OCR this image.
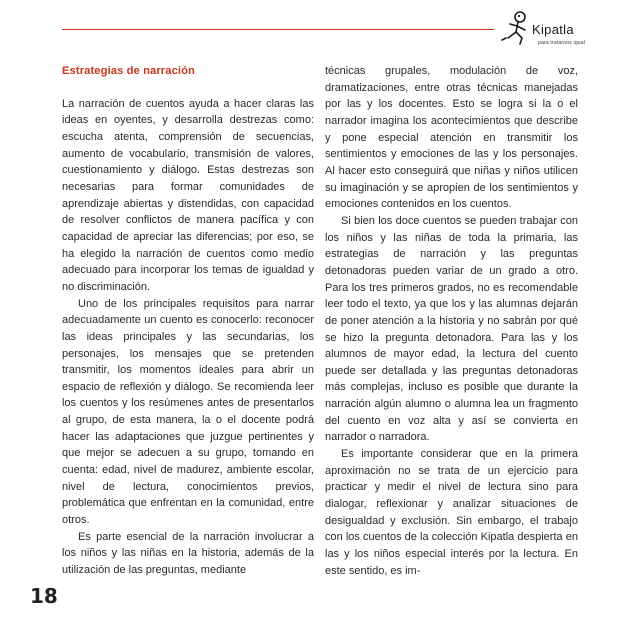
Kipatla
para tratarnos igual

Estrategias de narración

La narración de cuentos ayuda a hacer claras las ideas en oyentes, y desarrolla destrezas como: escucha atenta, comprensión de secuencias, aumento de vocabulario, transmisión de valores, cuestionamiento y diálogo. Estas destrezas son necesarias para formar comunidades de aprendizaje abiertas y distendidas, con capacidad de resolver conflictos de manera pacífica y con capacidad de apreciar las diferencias; por eso, se ha elegido la narración de cuentos como medio adecuado para incorporar los temas de igualdad y no discriminación.

Uno de los principales requisitos para narrar adecuadamente un cuento es conocerlo: reconocer las ideas principales y las secundarias, los personajes, los mensajes que se pretenden transmitir, los momentos ideales para abrir un espacio de reflexión y diálogo. Se recomienda leer los cuentos y los resúmenes antes de presentarlos al grupo, de esta manera, la o el docente podrá hacer las adaptaciones que juzgue pertinentes y que mejor se adecuen a su grupo, tomando en cuenta: edad, nivel de madurez, ambiente escolar, nivel de lectura, conocimientos previos, problemática que enfrentan en la comunidad, entre otros.

Es parte esencial de la narración involucrar a los niños y las niñas en la historia, además de la utilización de las preguntas, mediante

técnicas grupales, modulación de voz, dramatizaciones, entre otras técnicas manejadas por las y los docentes. Esto se logra si la o el narrador imagina los acontecimientos que describe y pone especial atención en transmitir los sentimientos y emociones de las y los personajes. Al hacer esto conseguirá que niñas y niños utilicen su imaginación y se apropien de los sentimientos y emociones contenidos en los cuentos.

Si bien los doce cuentos se pueden trabajar con los niños y las niñas de toda la primaria, las estrategias de narración y las preguntas detonadoras pueden variar de un grado a otro. Para los tres primeros grados, no es recomendable leer todo el texto, ya que los y las alumnas dejarán de poner atención a la historia y no sabrán por qué se hizo la pregunta detonadora. Para las y los alumnos de mayor edad, la lectura del cuento puede ser detallada y las preguntas detonadoras más complejas, incluso es posible que durante la narración algún alumno o alumna lea un fragmento del cuento en voz alta y así se convierta en narrador o narradora.

Es importante considerar que en la primera aproximación no se trata de un ejercicio para practicar y medir el nivel de lectura sino para dialogar, reflexionar y analizar situaciones de desigualdad y exclusión. Sin embargo, el trabajo con los cuentos de la colección Kipatla despierta en las y los niños especial interés por la lectura. En este sentido, es im-

18
